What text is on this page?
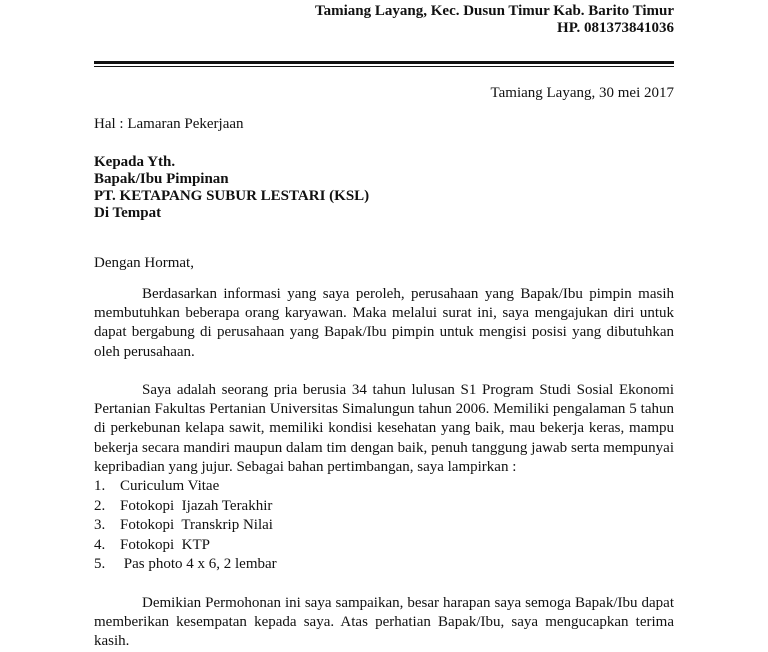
Tamiang Layang, Kec. Dusun Timur Kab. Barito Timur
HP. 081373841036
Tamiang Layang, 30 mei 2017
Hal : Lamaran Pekerjaan
Kepada Yth.
Bapak/Ibu Pimpinan
PT. KETAPANG SUBUR LESTARI (KSL)
Di Tempat
Dengan Hormat,
Berdasarkan informasi yang saya peroleh, perusahaan yang Bapak/Ibu pimpin masih membutuhkan beberapa orang karyawan. Maka melalui surat ini, saya mengajukan diri untuk dapat bergabung di perusahaan yang Bapak/Ibu pimpin untuk mengisi posisi yang dibutuhkan oleh perusahaan.
Saya adalah seorang pria berusia 34 tahun lulusan S1 Program Studi Sosial Ekonomi Pertanian Fakultas Pertanian Universitas Simalungun tahun 2006. Memiliki pengalaman 5 tahun di perkebunan kelapa sawit, memiliki kondisi kesehatan yang baik, mau bekerja keras, mampu bekerja secara mandiri maupun dalam tim dengan baik, penuh tanggung jawab serta mempunyai kepribadian yang jujur. Sebagai bahan pertimbangan, saya lampirkan :
1. Curiculum Vitae
2. Fotokopi  Ijazah Terakhir
3. Fotokopi  Transkrip Nilai
4. Fotokopi  KTP
5. Pas photo 4 x 6, 2 lembar
Demikian Permohonan ini saya sampaikan, besar harapan saya semoga Bapak/Ibu dapat memberikan kesempatan kepada saya. Atas perhatian Bapak/Ibu, saya mengucapkan terima kasih.
